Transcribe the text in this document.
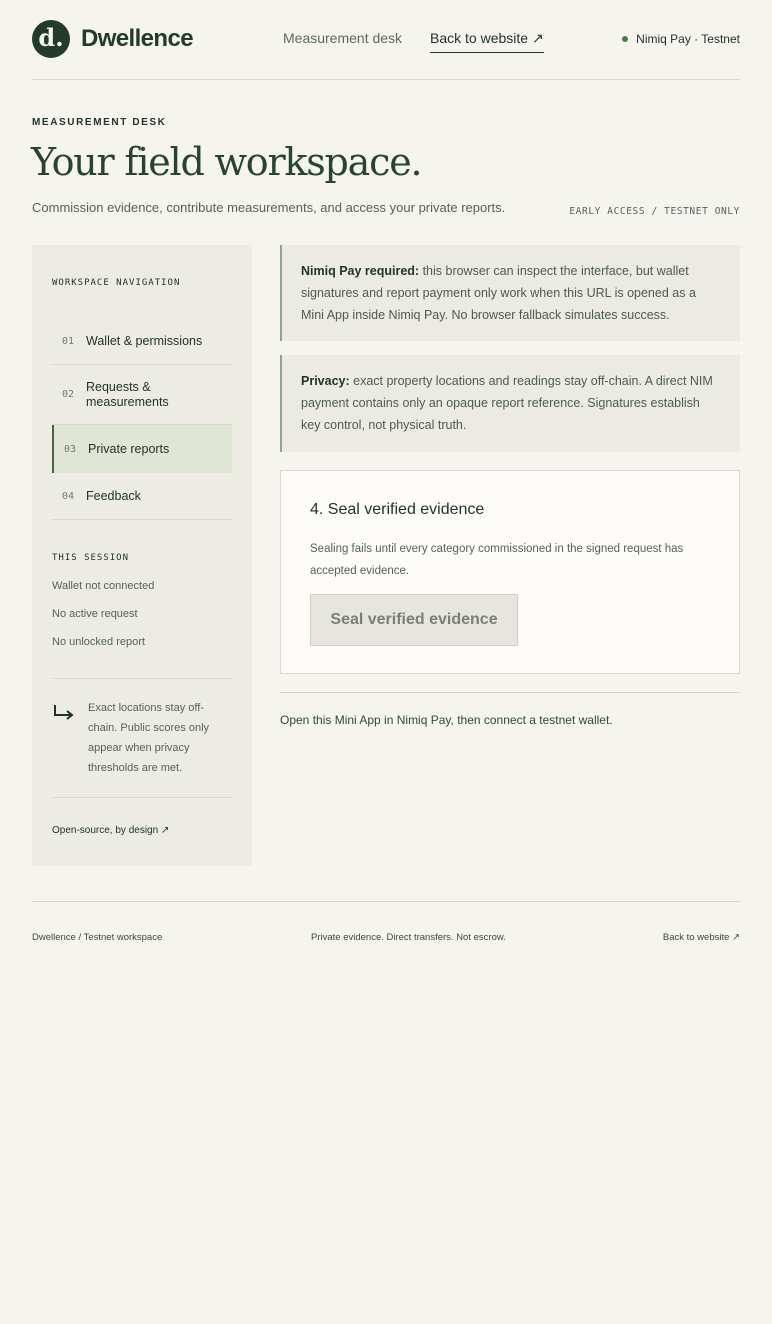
d. Dwellence	Measurement desk Back to website ↗	Nimiq Pay · Testnet
MEASUREMENT DESK
Your field workspace.
Commission evidence, contribute measurements, and access your private reports.	EARLY ACCESS / TESTNET ONLY
WORKSPACE NAVIGATION
01 Wallet & permissions
02
Requests & measurements
03 Private reports
04 Feedback
THIS SESSION
Wallet not connected
No active request
No unlocked report
Exact locations stay off-chain. Public scores only appear when privacy thresholds are met.
Open-source, by design ↗
Nimiq Pay required: this browser can inspect the interface, but wallet signatures and report payment only work when this URL is opened as a Mini App inside Nimiq Pay. No browser fallback simulates success.
Privacy: exact property locations and readings stay off-chain. A direct NIM payment contains only an opaque report reference. Signatures establish key control, not physical truth.
4. Seal verified evidence
Sealing fails until every category commissioned in the signed request has accepted evidence.
Seal verified evidence
Open this Mini App in Nimiq Pay, then connect a testnet wallet.
Dwellence / Testnet workspace	Private evidence. Direct transfers. Not escrow.	Back to website ↗
